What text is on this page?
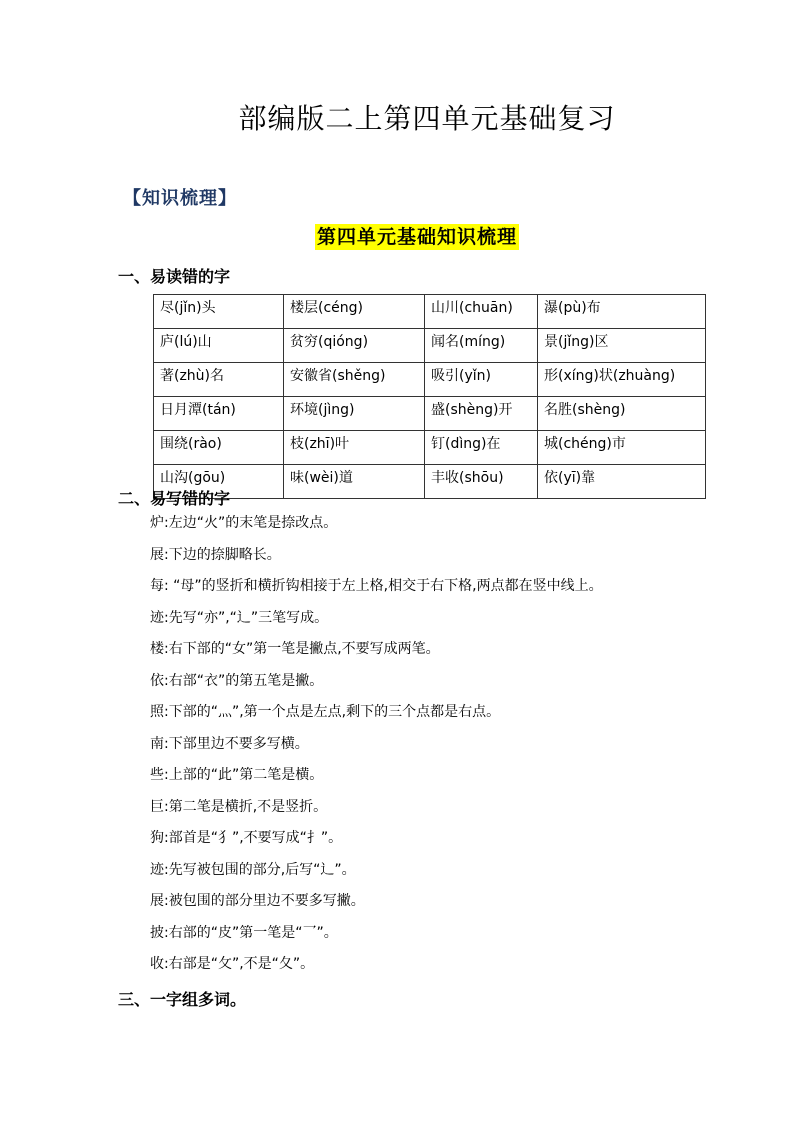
部编版二上第四单元基础复习
【知识梳理】
第四单元基础知识梳理
一、易读错的字
尽(jǐn)头	楼层(céng)	山川(chuān)	瀑(pù)布
庐(lú)山	贫穷(qióng)	闻名(míng)	景(jǐng)区
著(zhù)名	安徽省(shěng)	吸引(yǐn)	形(xíng)状(zhuàng)
日月潭(tán)	环境(jìng)	盛(shèng)开	名胜(shèng)
围绕(rào)	枝(zhī)叶	钉(dìng)在	城(chéng)市
山沟(gōu)	味(wèi)道	丰收(shōu)	依(yī)靠
二、易写错的字
炉:左边“火”的末笔是捺改点。
展:下边的捺脚略长。
每: “母”的竖折和横折钩相接于左上格,相交于右下格,两点都在竖中线上。
迹:先写“亦”,“辶”三笔写成。
楼:右下部的“女”第一笔是撇点,不要写成两笔。
依:右部“衣”的第五笔是撇。
照:下部的“灬”,第一个点是左点,剩下的三个点都是右点。
南:下部里边不要多写横。
些:上部的“此”第二笔是横。
巨:第二笔是横折,不是竖折。
狗:部首是“犭”,不要写成“扌”。
迹:先写被包围的部分,后写“辶”。
展:被包围的部分里边不要多写撇。
披:右部的“皮”第一笔是“乛”。
收:右部是“攵”,不是“夂”。
三、一字组多词。
